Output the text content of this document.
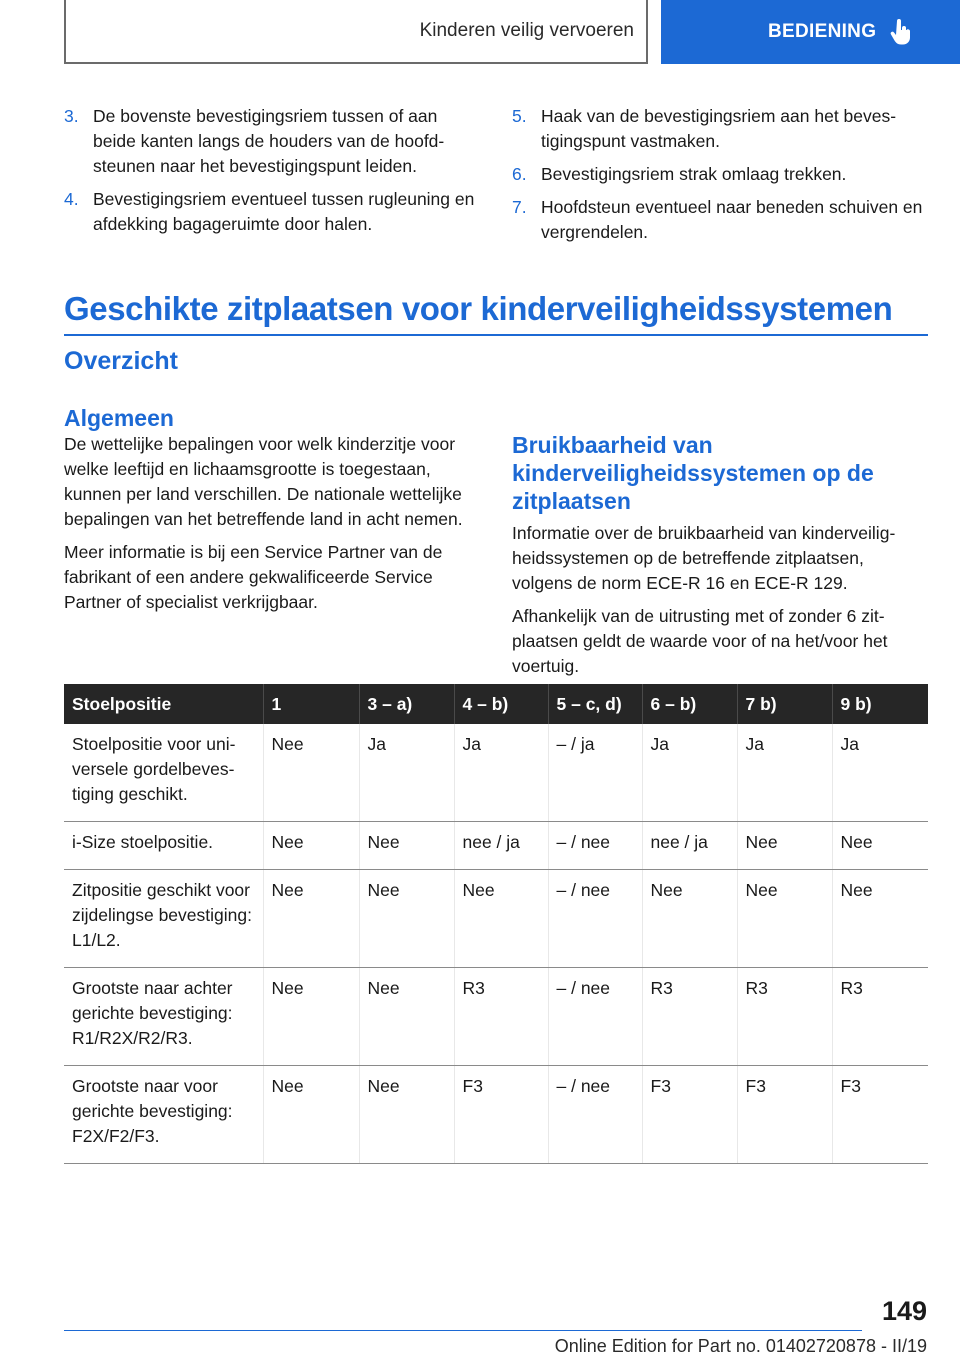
Kinderen veilig vervoeren	BEDIENING
3. De bovenste bevestigingsriem tussen of aan beide kanten langs de houders van de hoofdsteunen naar het bevestigingspunt leiden.
4. Bevestigingsriem eventueel tussen rugleuning en afdekking bagageruimte door halen.
5. Haak van de bevestigingsriem aan het bevestigingspunt vastmaken.
6. Bevestigingsriem strak omlaag trekken.
7. Hoofdsteun eventueel naar beneden schuiven en vergrendelen.
Geschikte zitplaatsen voor kinderveiligheidssystemen
Overzicht
Algemeen

De wettelijke bepalingen voor welk kinderzitje voor welke leeftijd en lichaamsgrootte is toegestaan, kunnen per land verschillen. De nationale wettelijke bepalingen van het betreffende land in acht nemen.

Meer informatie is bij een Service Partner van de fabrikant of een andere gekwalificeerde Service Partner of specialist verkrijgbaar.

Bruikbaarheid van kinderveiligheidssystemen op de zitplaatsen

Informatie over de bruikbaarheid van kinderveiligheidssystemen op de betreffende zitplaatsen, volgens de norm ECE-R 16 en ECE-R 129.

Afhankelijk van de uitrusting met of zonder 6 zitplaatsen geldt de waarde voor of na het/voor het voertuig.

Stoelpositie	1	3 – a)	4 – b)	5 – c, d)	6 – b)	7 b)	9 b)
Stoelpositie voor universele gordelbevestiging geschikt.	Nee	Ja	Ja	– / ja	Ja	Ja	Ja
i-Size stoelpositie.	Nee	Nee	nee / ja	– / nee	nee / ja	Nee	Nee
Zitpositie geschikt voor zijdelingse bevestiging: L1/L2.	Nee	Nee	Nee	– / nee	Nee	Nee	Nee
Grootste naar achter gerichte bevestiging: R1/R2X/R2/R3.	Nee	Nee	R3	– / nee	R3	R3	R3
Grootste naar voor gerichte bevestiging: F2X/F2/F3.	Nee	Nee	F3	– / nee	F3	F3	F3
149
Online Edition for Part no. 01402720878 - II/19
